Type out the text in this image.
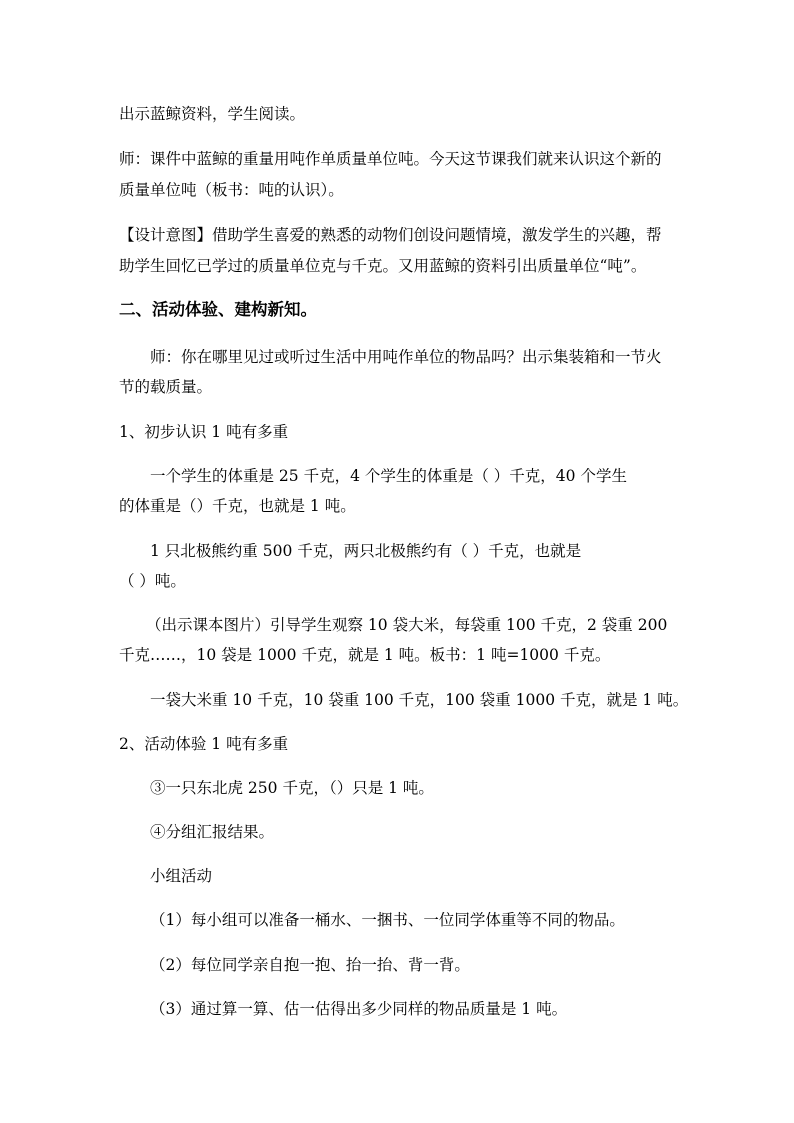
出示蓝鲸资料，学生阅读。
师：课件中蓝鲸的重量用吨作单质量单位吨。今天这节课我们就来认识这个新的
质量单位吨（板书：吨的认识）。
【设计意图】借助学生喜爱的熟悉的动物们创设问题情境，激发学生的兴趣，帮
助学生回忆已学过的质量单位克与千克。又用蓝鲸的资料引出质量单位“吨”。
二、活动体验、建构新知。
师：你在哪里见过或听过生活中用吨作单位的物品吗？出示集装箱和一节火
节的载质量。
1、初步认识 1 吨有多重
一个学生的体重是 25 千克，4 个学生的体重是（ ）千克，40 个学生
的体重是（）千克，也就是 1 吨。
1 只北极熊约重 500 千克，两只北极熊约有（ ）千克，也就是
（ ）吨。
（出示课本图片）引导学生观察 10 袋大米，每袋重 100 千克，2 袋重 200
千克……，10 袋是 1000 千克，就是 1 吨。板书：1 吨=1000 千克。
一袋大米重 10 千克，10 袋重 100 千克，100 袋重 1000 千克，就是 1 吨。
2、活动体验 1 吨有多重
③一只东北虎 250 千克，（）只是 1 吨。
④分组汇报结果。
小组活动
（1）每小组可以准备一桶水、一捆书、一位同学体重等不同的物品。
（2）每位同学亲自抱一抱、抬一抬、背一背。
（3）通过算一算、估一估得出多少同样的物品质量是 1 吨。
